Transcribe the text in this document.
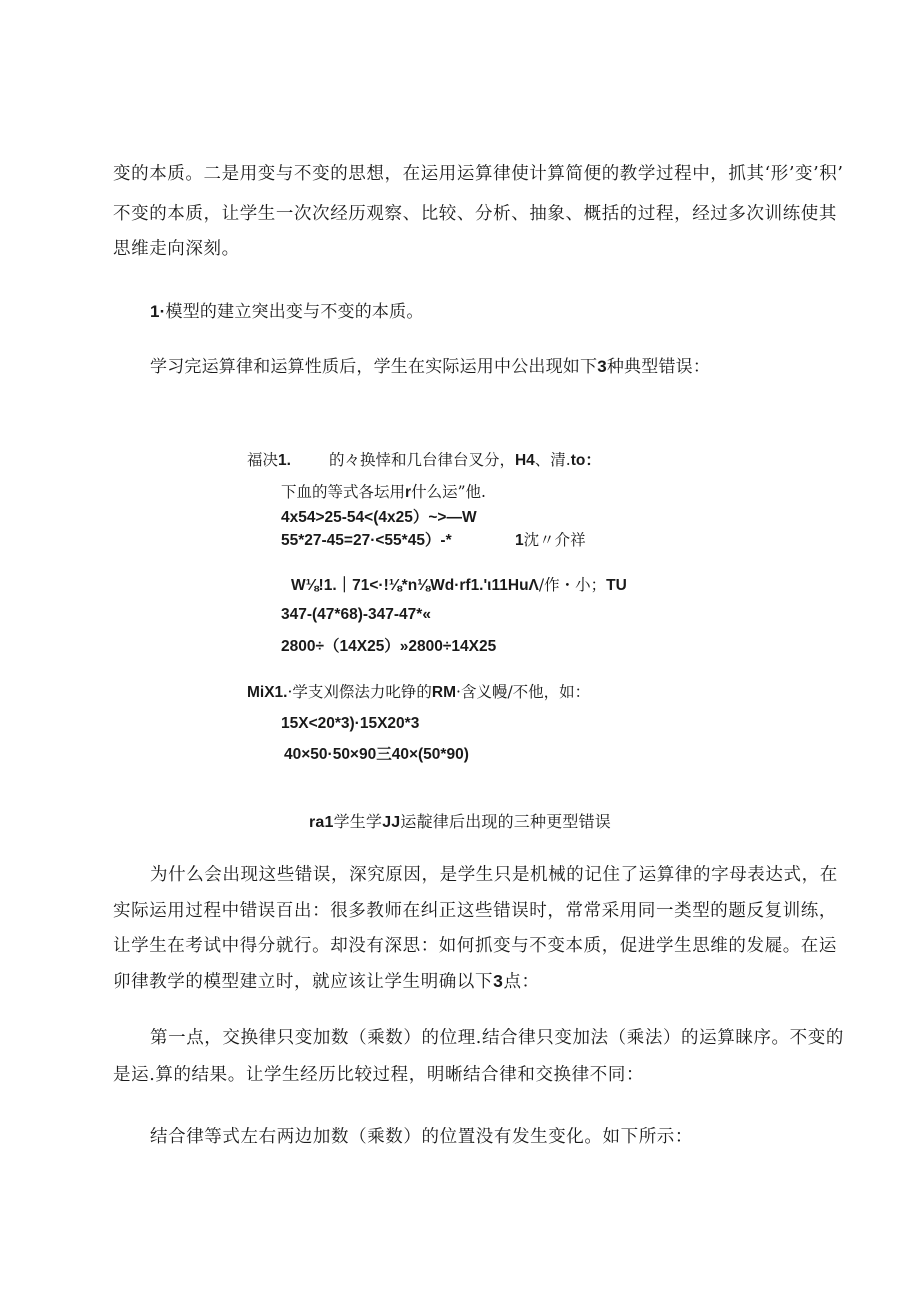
变的本质。二是用变与不变的思想，在运用运算律使计算简便的教学过程中，抓其‘形’变’积’
不变的本质，让学生一次次经历观察、比较、分析、抽象、概括的过程，经过多次训练使其
思维走向深刻。
1·模型的建立突出变与不变的本质。
学习完运算律和运算性质后，学生在实际运用中公出现如下3种典型错误：
福决1. 的々换悻和几台律台叉分，H4、清.to：
下血的等式各坛用r什么运”他.
4x54>25-54<(4x25）~>—W
55*27-45=27·<55*45）-*	1沈〃介祥
W⅛!1.｜71<·!⅛*n⅛Wd·rf1.'ι11HuΛ/作・小；TU
347-(47*68)-347-47*«
2800÷（14X25）»2800÷14X25
MiX1.·学支刈傺法力叱铮的RM·含义幔/不他，如：
15X<20*3)·15X20*3
40×50·50×90三40×(50*90)
ra1学生学JJ运靛律后出现的三种更型错误
为什么会出现这些错误，深究原因，是学生只是机械的记住了运算律的字母表达式，在
实际运用过程中错误百出：很多教师在纠正这些错误时，常常采用同一类型的题反复训练，
让学生在考试中得分就行。却没有深思：如何抓变与不变本质，促进学生思维的发屣。在运
卯律教学的模型建立时，就应该让学生明确以下3点：
第一点，交换律只变加数（乘数）的位理.结合律只变加法（乘法）的运算睐序。不变的
是运.算的结果。让学生经历比较过程，明晰结合律和交换律不同：
结合律等式左右两边加数（乘数）的位置没有发生变化。如下所示：
